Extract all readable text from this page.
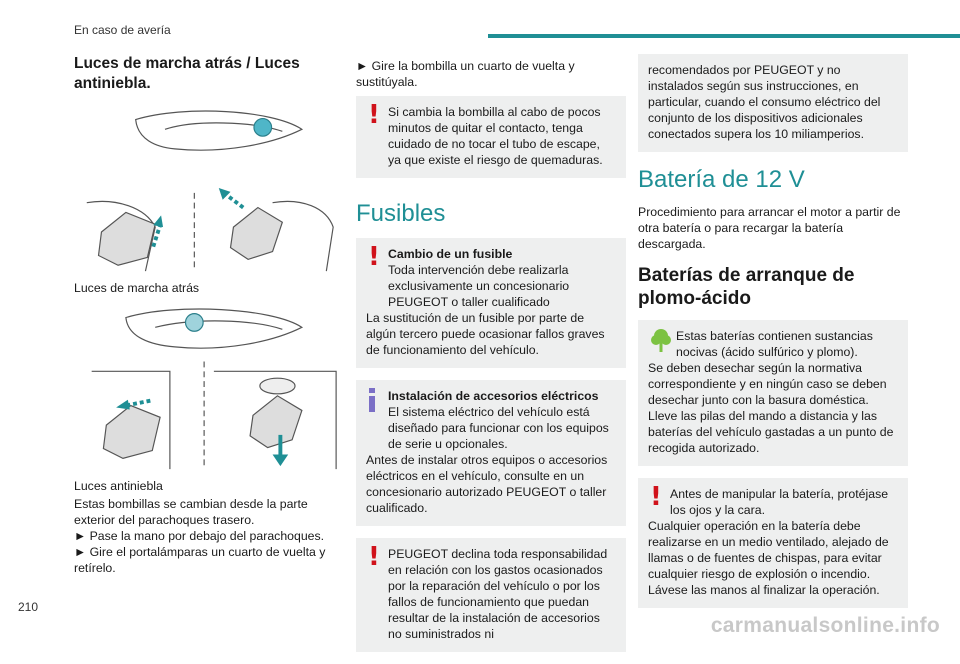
En caso de avería
Luces de marcha atrás / Luces antiniebla.
Luces de marcha atrás
Luces antiniebla

Estas bombillas se cambian desde la parte exterior del parachoques trasero.

► Pase la mano por debajo del parachoques.

► Gire el portalámparas un cuarto de vuelta y retírelo.

► Gire la bombilla un cuarto de vuelta y sustitúyala.

! Si cambia la bombilla al cabo de pocos minutos de quitar el contacto, tenga cuidado de no tocar el tubo de escape, ya que existe el riesgo de quemaduras.
Fusibles
! Cambio de un fusible
Toda intervención debe realizarla exclusivamente un concesionario PEUGEOT o taller cualificado
La sustitución de un fusible por parte de algún tercero puede ocasionar fallos graves de funcionamiento del vehículo.
Instalación de accesorios eléctricos
El sistema eléctrico del vehículo está diseñado para funcionar con los equipos de serie u opcionales.
Antes de instalar otros equipos o accesorios eléctricos en el vehículo, consulte en un concesionario autorizado PEUGEOT o taller cualificado.
! PEUGEOT declina toda responsabilidad en relación con los gastos ocasionados por la reparación del vehículo o por los fallos de funcionamiento que puedan resultar de la instalación de accesorios no suministrados ni
recomendados por PEUGEOT y no instalados según sus instrucciones, en particular, cuando el consumo eléctrico del conjunto de los dispositivos adicionales conectados supera los 10 miliamperios.
Batería de 12 V

Procedimiento para arrancar el motor a partir de otra batería o para recargar la batería descargada.

Baterías de arranque de plomo-ácido
Estas baterías contienen sustancias nocivas (ácido sulfúrico y plomo).
Se deben desechar según la normativa correspondiente y en ningún caso se deben desechar junto con la basura doméstica.
Lleve las pilas del mando a distancia y las baterías del vehículo gastadas a un punto de recogida autorizado.
! Antes de manipular la batería, protéjase los ojos y la cara.
Cualquier operación en la batería debe realizarse en un medio ventilado, alejado de llamas o de fuentes de chispas, para evitar cualquier riesgo de explosión o incendio.
Lávese las manos al finalizar la operación.
210
carmanualsonline.info
